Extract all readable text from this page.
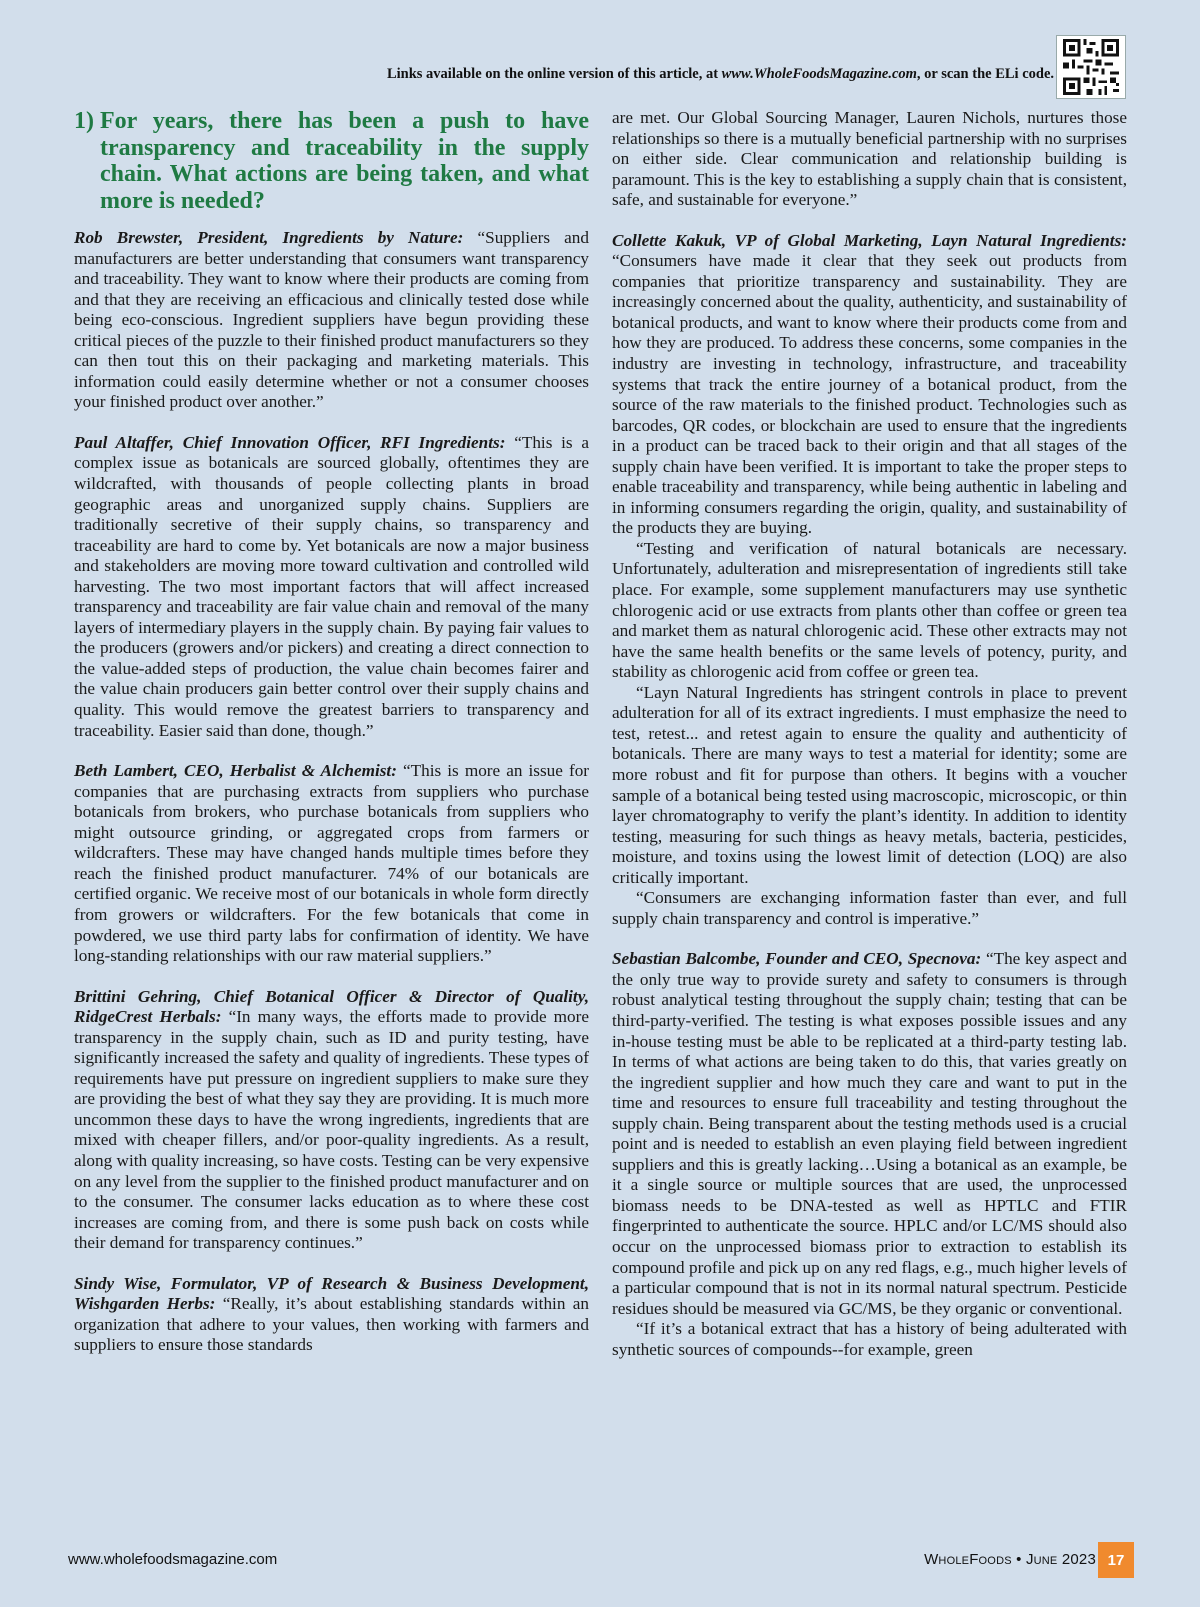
Links available on the online version of this article, at www.WholeFoodsMagazine.com, or scan the ELi code.
1) For years, there has been a push to have transparency and traceability in the supply chain. What actions are being taken, and what more is needed?

Rob Brewster, President, Ingredients by Nature: “Suppliers and manufacturers are better understanding that consumers want transparency and traceability. They want to know where their products are coming from and that they are receiving an efficacious and clinically tested dose while being eco-conscious. Ingredient suppliers have begun providing these critical pieces of the puzzle to their finished product manufacturers so they can then tout this on their packaging and marketing materials. This information could easily determine whether or not a consumer chooses your finished product over another.”

Paul Altaffer, Chief Innovation Officer, RFI Ingredients: “This is a complex issue as botanicals are sourced globally, oftentimes they are wildcrafted, with thousands of people collecting plants in broad geographic areas and unorganized supply chains. Suppliers are traditionally secretive of their supply chains, so transparency and traceability are hard to come by. Yet botanicals are now a major business and stakeholders are moving more toward cultivation and controlled wild harvesting. The two most important factors that will affect increased transparency and traceability are fair value chain and removal of the many layers of intermediary players in the supply chain. By paying fair values to the producers (growers and/or pickers) and creating a direct connection to the value-added steps of production, the value chain becomes fairer and the value chain producers gain better control over their supply chains and quality. This would remove the greatest barriers to transparency and traceability. Easier said than done, though.”

Beth Lambert, CEO, Herbalist & Alchemist: “This is more an issue for companies that are purchasing extracts from suppliers who purchase botanicals from brokers, who purchase botanicals from suppliers who might outsource grinding, or aggregated crops from farmers or wildcrafters. These may have changed hands multiple times before they reach the finished product manufacturer. 74% of our botanicals are certified organic. We receive most of our botanicals in whole form directly from growers or wildcrafters. For the few botanicals that come in powdered, we use third party labs for confirmation of identity. We have long-standing relationships with our raw material suppliers.”

Brittini Gehring, Chief Botanical Officer & Director of Quality, RidgeCrest Herbals: “In many ways, the efforts made to provide more transparency in the supply chain, such as ID and purity testing, have significantly increased the safety and quality of ingredients. These types of requirements have put pressure on ingredient suppliers to make sure they are providing the best of what they say they are providing. It is much more uncommon these days to have the wrong ingredients, ingredients that are mixed with cheaper fillers, and/or poor-quality ingredients. As a result, along with quality increasing, so have costs. Testing can be very expensive on any level from the supplier to the finished product manufacturer and on to the consumer. The consumer lacks education as to where these cost increases are coming from, and there is some push back on costs while their demand for transparency continues.”

Sindy Wise, Formulator, VP of Research & Business Development, Wishgarden Herbs: “Really, it’s about establishing standards within an organization that adhere to your values, then working with farmers and suppliers to ensure those standards

are met. Our Global Sourcing Manager, Lauren Nichols, nurtures those relationships so there is a mutually beneficial partnership with no surprises on either side. Clear communication and relationship building is paramount. This is the key to establishing a supply chain that is consistent, safe, and sustainable for everyone.”

Collette Kakuk, VP of Global Marketing, Layn Natural Ingredients: “Consumers have made it clear that they seek out products from companies that prioritize transparency and sustainability. They are increasingly concerned about the quality, authenticity, and sustainability of botanical products, and want to know where their products come from and how they are produced. To address these concerns, some companies in the industry are investing in technology, infrastructure, and traceability systems that track the entire journey of a botanical product, from the source of the raw materials to the finished product. Technologies such as barcodes, QR codes, or blockchain are used to ensure that the ingredients in a product can be traced back to their origin and that all stages of the supply chain have been verified. It is important to take the proper steps to enable traceability and transparency, while being authentic in labeling and in informing consumers regarding the origin, quality, and sustainability of the products they are buying.

“Testing and verification of natural botanicals are necessary. Unfortunately, adulteration and misrepresentation of ingredients still take place. For example, some supplement manufacturers may use synthetic chlorogenic acid or use extracts from plants other than coffee or green tea and market them as natural chlorogenic acid. These other extracts may not have the same health benefits or the same levels of potency, purity, and stability as chlorogenic acid from coffee or green tea.

“Layn Natural Ingredients has stringent controls in place to prevent adulteration for all of its extract ingredients. I must emphasize the need to test, retest... and retest again to ensure the quality and authenticity of botanicals. There are many ways to test a material for identity; some are more robust and fit for purpose than others. It begins with a voucher sample of a botanical being tested using macroscopic, microscopic, or thin layer chromatography to verify the plant’s identity. In addition to identity testing, measuring for such things as heavy metals, bacteria, pesticides, moisture, and toxins using the lowest limit of detection (LOQ) are also critically important.

“Consumers are exchanging information faster than ever, and full supply chain transparency and control is imperative.”

Sebastian Balcombe, Founder and CEO, Specnova: “The key aspect and the only true way to provide surety and safety to consumers is through robust analytical testing throughout the supply chain; testing that can be third-party-verified. The testing is what exposes possible issues and any in-house testing must be able to be replicated at a third-party testing lab. In terms of what actions are being taken to do this, that varies greatly on the ingredient supplier and how much they care and want to put in the time and resources to ensure full traceability and testing throughout the supply chain. Being transparent about the testing methods used is a crucial point and is needed to establish an even playing field between ingredient suppliers and this is greatly lacking…Using a botanical as an example, be it a single source or multiple sources that are used, the unprocessed biomass needs to be DNA-tested as well as HPTLC and FTIR fingerprinted to authenticate the source. HPLC and/or LC/MS should also occur on the unprocessed biomass prior to extraction to establish its compound profile and pick up on any red flags, e.g., much higher levels of a particular compound that is not in its normal natural spectrum. Pesticide residues should be measured via GC/MS, be they organic or conventional.

“If it’s a botanical extract that has a history of being adulterated with synthetic sources of compounds--for example, green

www.wholefoodsmagazine.com	WholeFoods • June 2023 17
